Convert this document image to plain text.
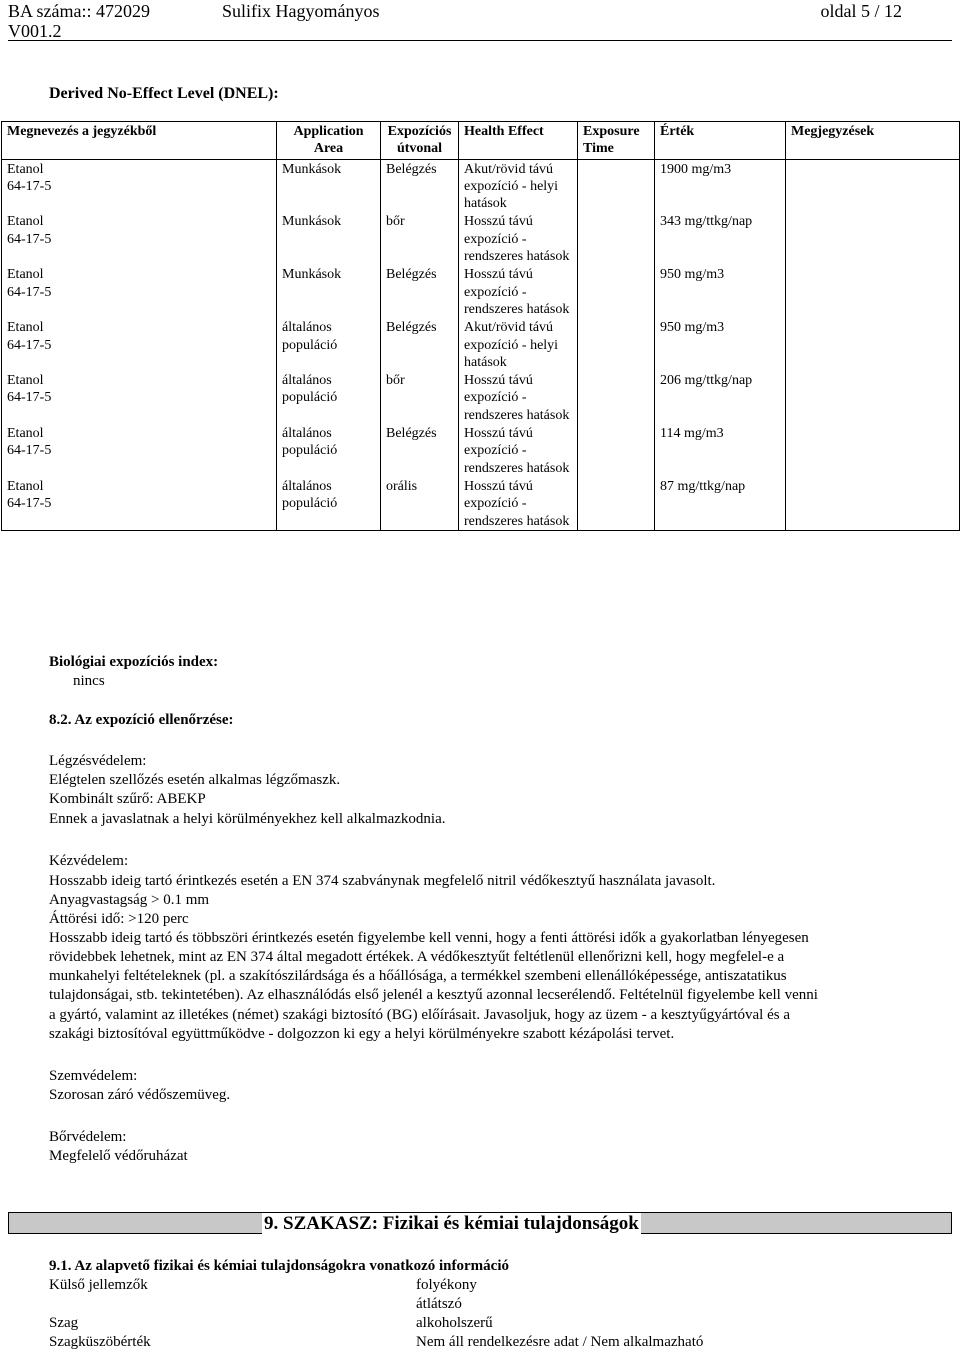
BA száma:: 472029	Sulifix Hagyományos	oldal 5 / 12
V001.2
Derived No-Effect Level (DNEL):
Megnevezés a jegyzékből	Application Area	Expozíciós útvonal	Health Effect	Exposure Time	Érték	Megjegyzések

Etanol
64-17-5	Munkások	Belégzés	Akut/rövid távú expozíció - helyi hatások		1900 mg/m3	

Etanol
64-17-5	Munkások	bőr	Hosszú távú expozíció - rendszeres hatások		343 mg/ttkg/nap	

Etanol
64-17-5	Munkások	Belégzés	Hosszú távú expozíció - rendszeres hatások		950 mg/m3	

Etanol
64-17-5	általános populáció	Belégzés	Akut/rövid távú expozíció - helyi hatások		950 mg/m3	

Etanol
64-17-5	általános populáció	bőr	Hosszú távú expozíció - rendszeres hatások		206 mg/ttkg/nap	

Etanol
64-17-5	általános populáció	Belégzés	Hosszú távú expozíció - rendszeres hatások		114 mg/m3	

Etanol
64-17-5	általános populáció	orális	Hosszú távú expozíció - rendszeres hatások		87 mg/ttkg/nap	

Biológiai expozíciós index:
nincs
8.2. Az expozíció ellenőrzése:
Légzésvédelem:
Elégtelen szellőzés esetén alkalmas légzőmaszk.
Kombinált szűrő: ABEKP
Ennek a javaslatnak a helyi körülményekhez kell alkalmazkodnia.
Kézvédelem:
Hosszabb ideig tartó érintkezés esetén a EN 374 szabványnak megfelelő nitril védőkesztyű használata javasolt.
Anyagvastagság > 0.1 mm
Áttörési idő: >120 perc
Hosszabb ideig tartó és többszöri érintkezés esetén figyelembe kell venni, hogy a fenti áttörési idők a gyakorlatban lényegesen
rövidebbek lehetnek, mint az EN 374 által megadott értékek. A védőkesztyűt feltétlenül ellenőrizni kell, hogy megfelel-e a
munkahelyi feltételeknek (pl. a szakítószilárdsága és a hőállósága, a termékkel szembeni ellenállóképessége, antiszatatikus
tulajdonságai, stb. tekintetében). Az elhasználódás első jelenél a kesztyű azonnal lecserélendő. Feltételnül figyelembe kell venni
a gyártó, valamint az illetékes (német) szakági biztosító (BG) előírásait. Javasoljuk, hogy az üzem - a kesztyűgyártóval és a
szakági biztosítóval együttműködve - dolgozzon ki egy a helyi körülményekre szabott kézápolási tervet.
Szemvédelem:
Szorosan záró védőszemüveg.
Bőrvédelem:
Megfelelő védőruházat
9. SZAKASZ: Fizikai és kémiai tulajdonságok
9.1. Az alapvető fizikai és kémiai tulajdonságokra vonatkozó információ
Külső jellemzők	folyékony
átlátszó
Szag	alkoholszerű
Szagküszöbérték	Nem áll rendelkezésre adat / Nem alkalmazható
